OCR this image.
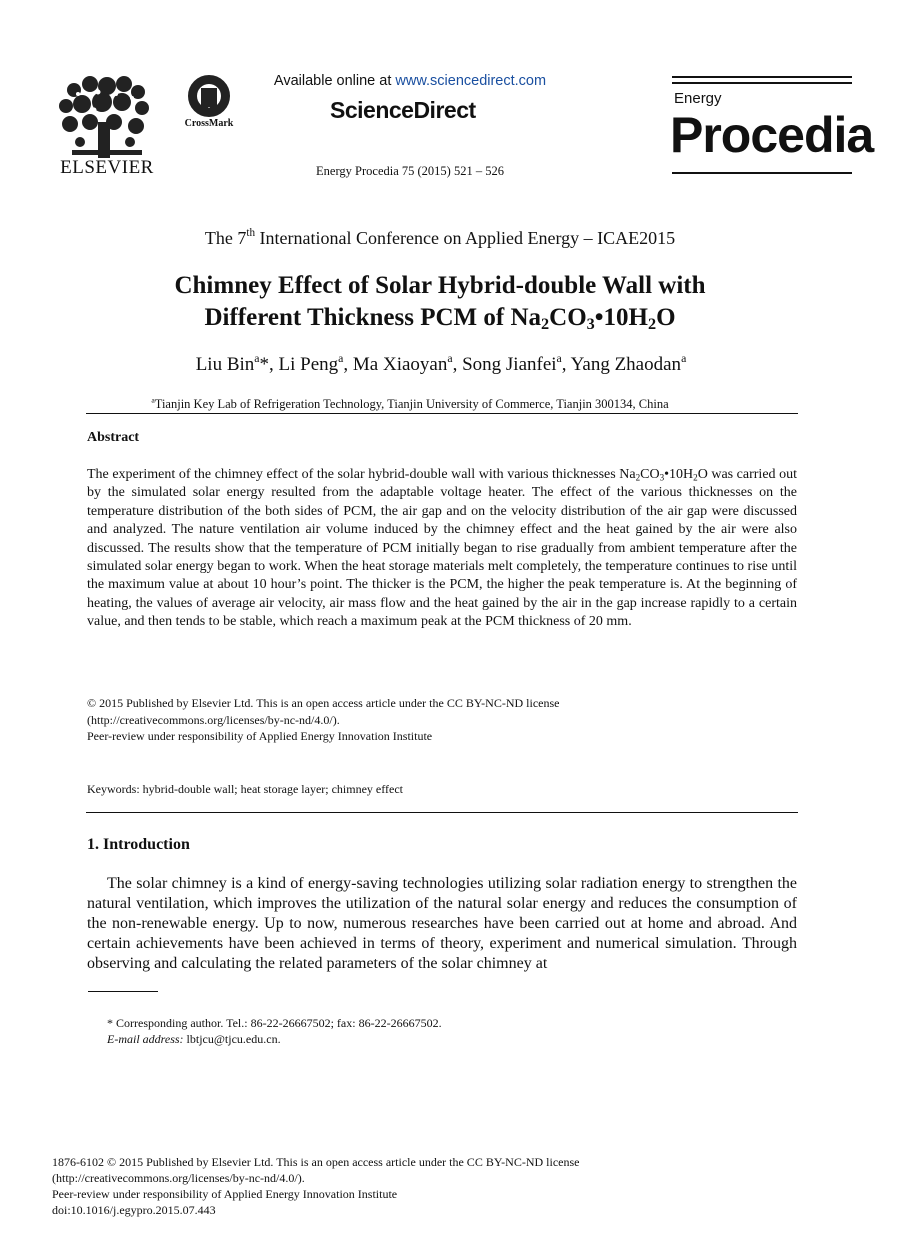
ELSEVIER
CrossMark
Available online at www.sciencedirect.com
ScienceDirect
Energy Procedia 75 (2015) 521 – 526
Energy
Procedia
The 7th International Conference on Applied Energy – ICAE2015
Chimney Effect of Solar Hybrid-double Wall with
Different Thickness PCM of $Na_2CO_3•10H_2O$
Liu Bin$^a$*, Li Peng$^a$, Ma Xiaoyan$^a$, Song Jianfei$^a$, Yang Zhaodan$^a$
$^a$Tianjin Key Lab of Refrigeration Technology, Tianjin University of Commerce, Tianjin 300134, China
Abstract
The experiment of the chimney effect of the solar hybrid-double wall with various thicknesses $Na_2CO_3•10H_2O$ was carried out by the simulated solar energy resulted from the adaptable voltage heater. The effect of the various thicknesses on the temperature distribution of the both sides of PCM, the air gap and on the velocity distribution of the air gap were discussed and analyzed. The nature ventilation air volume induced by the chimney effect and the heat gained by the air were also discussed. The results show that the temperature of PCM initially began to rise gradually from ambient temperature after the simulated solar energy began to work. When the heat storage materials melt completely, the temperature continues to rise until the maximum value at about 10 hour’s point. The thicker is the PCM, the higher the peak temperature is. At the beginning of heating, the values of average air velocity, air mass flow and the heat gained by the air in the gap increase rapidly to a certain value, and then tends to be stable, which reach a maximum peak at the PCM thickness of 20 mm.
© 2015 Published by Elsevier Ltd. This is an open access article under the CC BY-NC-ND license
(http://creativecommons.org/licenses/by-nc-nd/4.0/).
Peer-review under responsibility of Applied Energy Innovation Institute
Keywords: hybrid-double wall; heat storage layer; chimney effect
1. Introduction
The solar chimney is a kind of energy-saving technologies utilizing solar radiation energy to strengthen the natural ventilation, which improves the utilization of the natural solar energy and reduces the consumption of the non-renewable energy. Up to now, numerous researches have been carried out at home and abroad. And certain achievements have been achieved in terms of theory, experiment and numerical simulation. Through observing and calculating the related parameters of the solar chimney at
* Corresponding author. Tel.: 86-22-26667502; fax: 86-22-26667502.
E-mail address: lbtjcu@tjcu.edu.cn.
1876-6102 © 2015 Published by Elsevier Ltd. This is an open access article under the CC BY-NC-ND license
(http://creativecommons.org/licenses/by-nc-nd/4.0/).
Peer-review under responsibility of Applied Energy Innovation Institute
doi:10.1016/j.egypro.2015.07.443
